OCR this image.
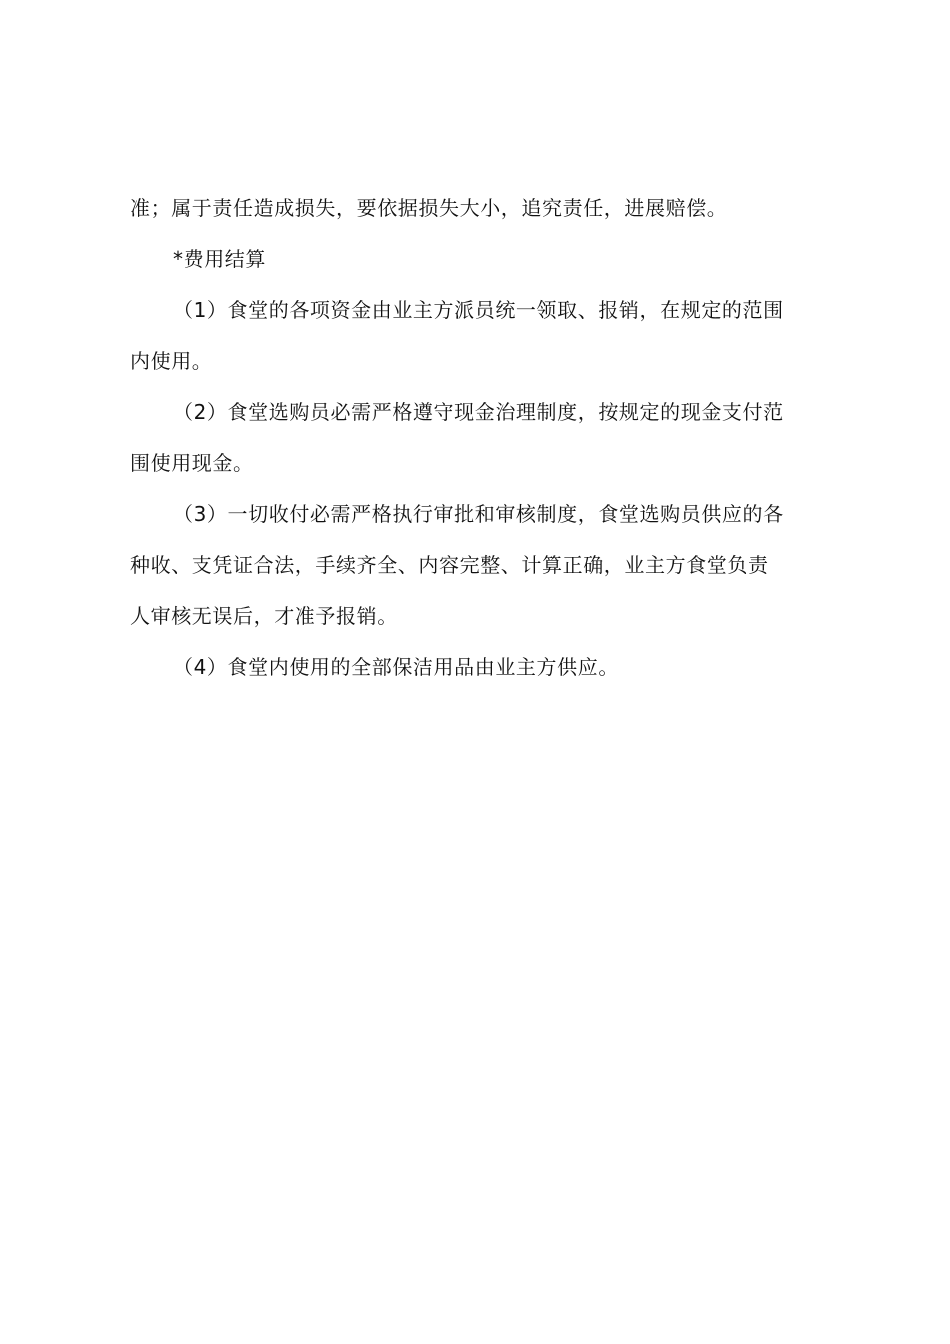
准；属于责任造成损失，要依据损失大小，追究责任，进展赔偿。

*费用结算

（1）食堂的各项资金由业主方派员统一领取、报销，在规定的范围

内使用。

（2）食堂选购员必需严格遵守现金治理制度，按规定的现金支付范

围使用现金。

（3）一切收付必需严格执行审批和审核制度，食堂选购员供应的各

种收、支凭证合法，手续齐全、内容完整、计算正确，业主方食堂负责

人审核无误后，才准予报销。

（4）食堂内使用的全部保洁用品由业主方供应。
